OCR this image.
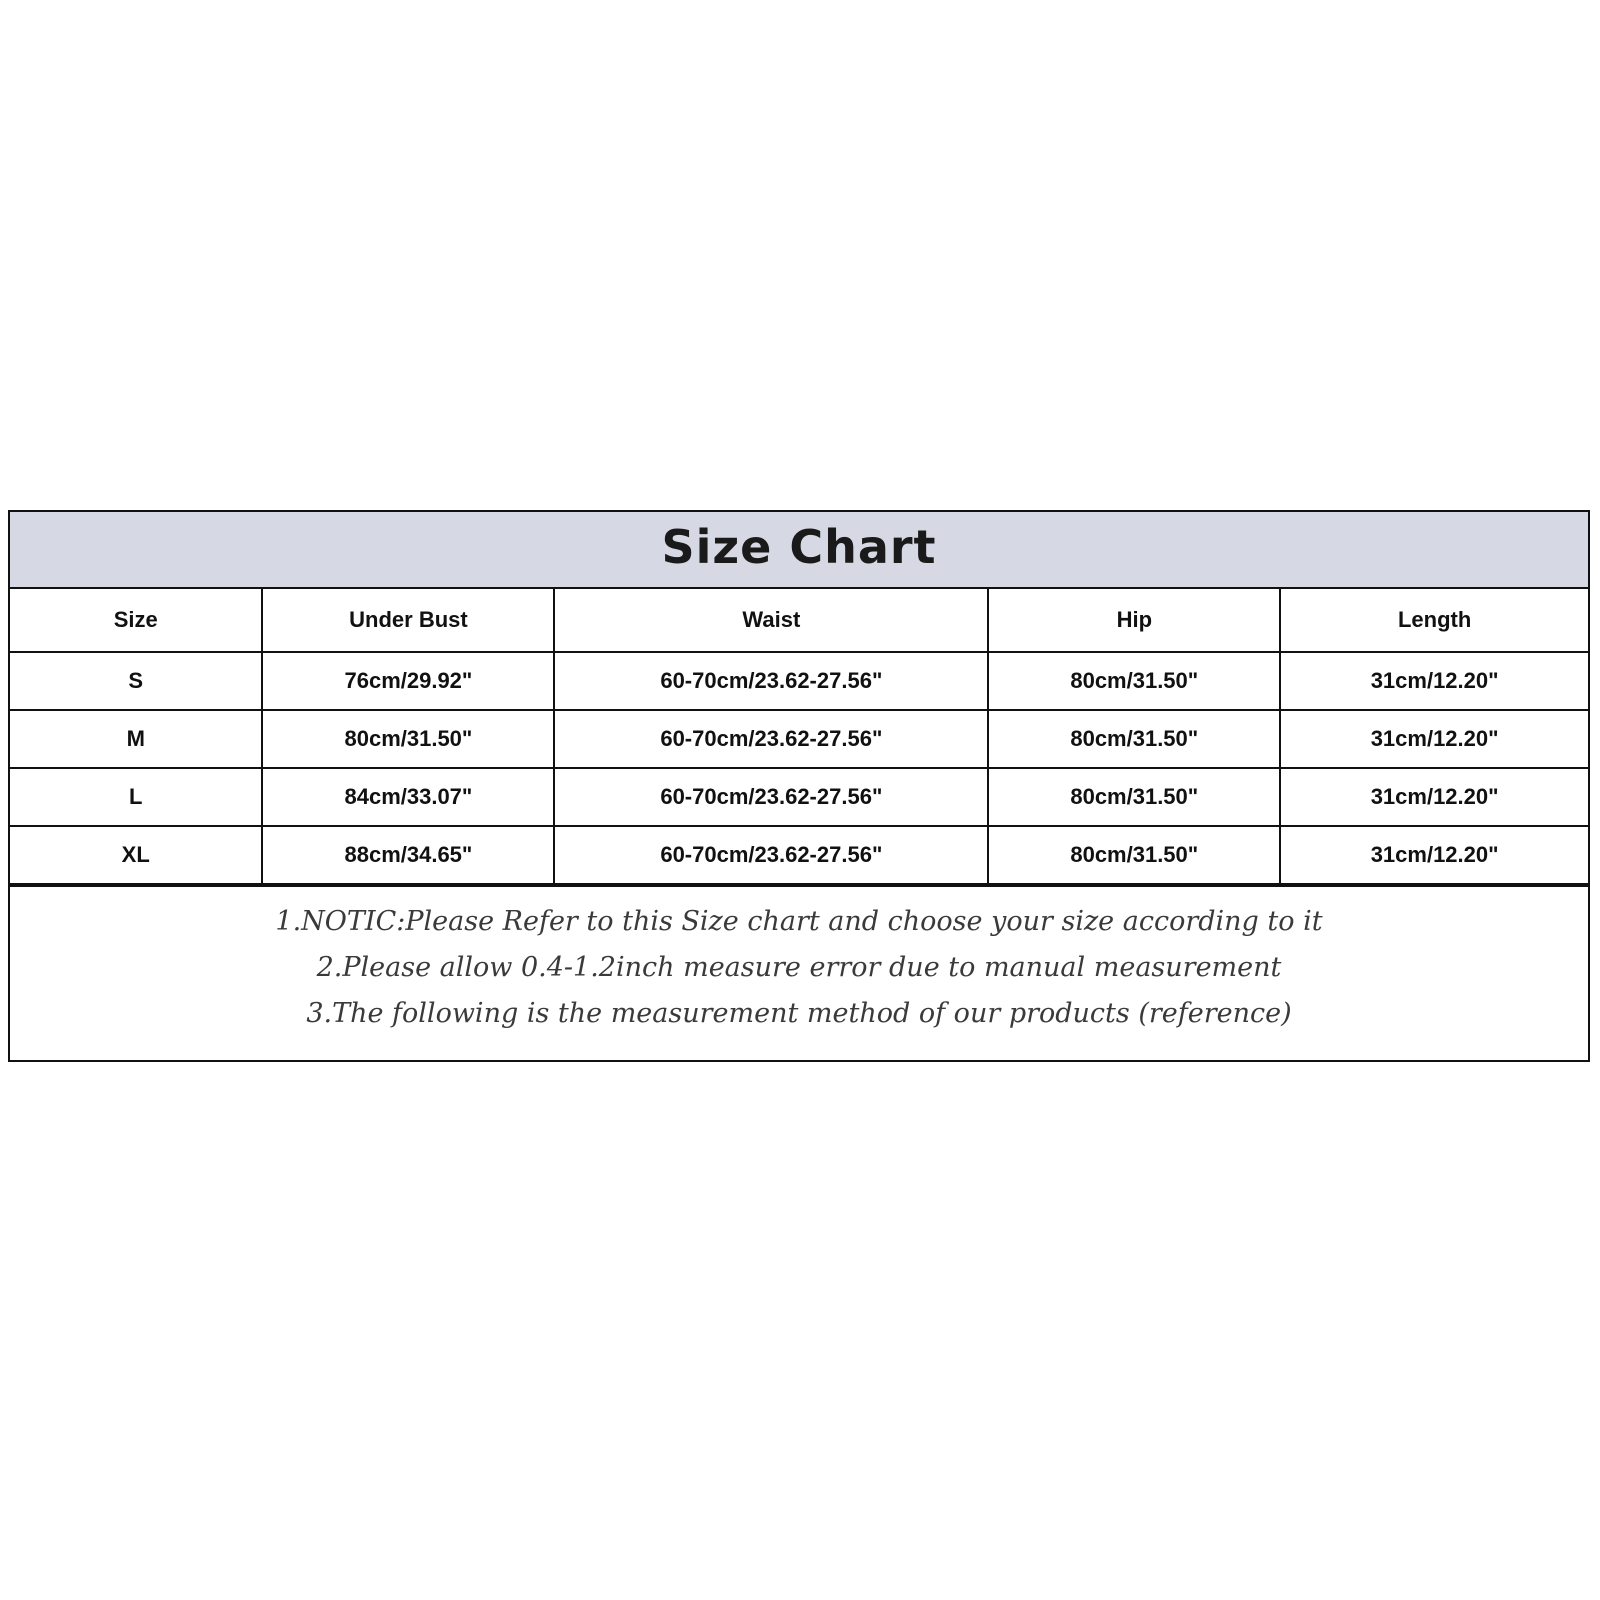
Size Chart
Size	Under Bust	Waist	Hip	Length
S	76cm/29.92"	60-70cm/23.62-27.56"	80cm/31.50"	31cm/12.20"
M	80cm/31.50"	60-70cm/23.62-27.56"	80cm/31.50"	31cm/12.20"
L	84cm/33.07"	60-70cm/23.62-27.56"	80cm/31.50"	31cm/12.20"
XL	88cm/34.65"	60-70cm/23.62-27.56"	80cm/31.50"	31cm/12.20"
1.NOTIC:Please Refer to this Size chart and choose your size according to it
2.Please allow 0.4-1.2inch measure error due to manual measurement
3.The following is the measurement method of our products (reference)
